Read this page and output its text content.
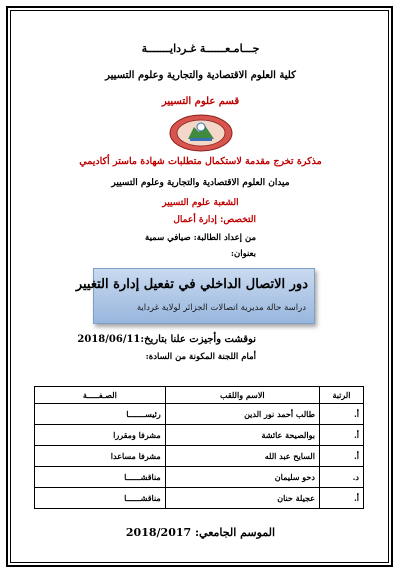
جـــامـعــــــة غـردايـــــــة
كلية العلوم الاقتصادية والتجارية وعلوم التسيير
قسم علوم التسيير
مذكرة تخرج مقدمة لاستكمال متطلبات شهادة ماستر أكاديمي
ميدان العلوم الاقتصادية والتجارية وعلوم التسيير
الشعبة علوم التسيير
التخصص: إدارة أعمال
من إعداد الطالبة: صيافي سمية
بعنوان:
دور الاتصال الداخلي في تفعيل إدارة التغيير
دراسة حالة مديرية اتصالات الجزائر لولاية غرداية
نوقشت وأجيزت علنا بتاريخ:2018/06/11
أمام اللجنة المكونة من السادة:
الرتبة	الاسم واللقب	الصـفـــــة
أ.	طالب أحمد نور الدين	رئيســـــــا
أ.	بوالصيحة عائشة	مشرفا ومقررا
أ.	السايح عبد الله	مشرفا مساعدا
د.	دحو سليمان	مناقشــــــا
أ.	عجيلة حنان	مناقشــــــا
الموسم الجامعي: 2018/2017
